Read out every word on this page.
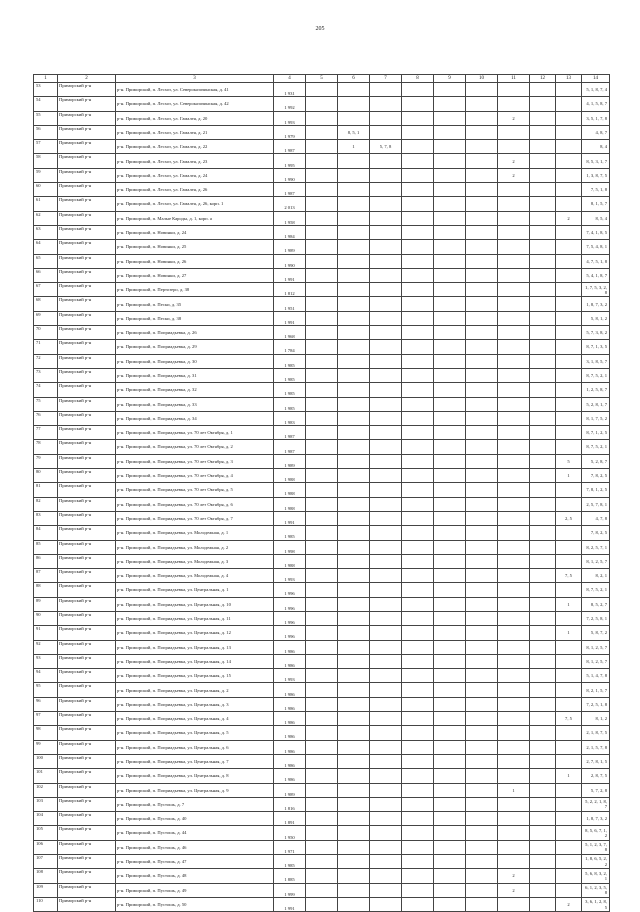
205
1	2	3	4	5	6	7	8	9	10	11	12	13	14
53	Приморский р-н	р-н. Приморский, п. Лесхоз, ул. Североказачинская, д. 41	1 931										5, 1, 8, 7, 4
54	Приморский р-н	р-н. Приморский, п. Лесхоз, ул. Североказачинская, д. 42	1 992										4, 1, 5, 8, 7
55	Приморский р-н	р-н. Приморский, п. Лесхоз, ул. Гамалея, д. 20	1 993							2			3, 5, 1, 7, 8
56	Приморский р-н	р-н. Приморский, п. Лесхоз, ул. Гамалея, д. 21	1 979		8, 5, 1								4, 8, 7
57	Приморский р-н	р-н. Приморский, п. Лесхоз, ул. Гамалея, д. 22	1 987		1	5, 7, 8							8, 4
58	Приморский р-н	р-н. Приморский, п. Лесхоз, ул. Гамалея, д. 23	1 995							2			8, 5, 3, 1, 7
59	Приморский р-н	р-н. Приморский, п. Лесхоз, ул. Гамалея, д. 24	1 990							2			1, 3, 8, 7, 5
60	Приморский р-н	р-н. Приморский, п. Лесхоз, ул. Гамалея, д. 26	1 987										7, 5, 1, 8
61	Приморский р-н	р-н. Приморский, п. Лесхоз, ул. Гамалея, д. 26, корп. 1	2 013										8, 1, 5, 7
62	Приморский р-н	р-н. Приморский, п. Малые Кароды, д. 1, корп. а	1 958									2	8, 5, 4
63	Приморский р-н	р-н. Приморский, п. Новинки, д. 24	1 984										7, 4, 1, 8, 5
64	Приморский р-н	р-н. Приморский, п. Новинки, д. 25	1 989										7, 5, 4, 8, 1
65	Приморский р-н	р-н. Приморский, п. Новинки, д. 26	1 990										4, 7, 5, 1, 8
66	Приморский р-н	р-н. Приморский, п. Новинки, д. 27	1 991										5, 4, 1, 8, 7
67	Приморский р-н	р-н. Приморский, п. Пертозеро, д. 38	1 812										1, 7, 5, 3, 2, 8
68	Приморский р-н	р-н. Приморский, п. Пески, д. 35	1 951										1, 8, 7, 3, 2
69	Приморский р-н	р-н. Приморский, п. Пески, д. 38	1 991										5, 8, 1, 2
70	Приморский р-н	р-н. Приморский, п. Поприадьевка, д. 26	1 968										5, 7, 3, 8, 2
71	Приморский р-н	р-н. Приморский, п. Поприадьевка, д. 29	1 784										8, 7, 1, 3, 5
72	Приморский р-н	р-н. Приморский, п. Поприадьевка, д. 30	1 985										3, 1, 8, 5, 7
73	Приморский р-н	р-н. Приморский, п. Поприадьевка, д. 31	1 985										8, 7, 5, 2, 1
74	Приморский р-н	р-н. Приморский, п. Поприадьевка, д. 32	1 985										1, 2, 5, 8, 7
75	Приморский р-н	р-н. Приморский, п. Поприадьевка, д. 33	1 985										5, 2, 8, 1, 7
76	Приморский р-н	р-н. Приморский, п. Поприадьевка, д. 34	1 983										8, 1, 7, 5, 2
77	Приморский р-н	р-н. Приморский, п. Поприадьевка, ул. 70 лет Октября, д. 1	1 987										8, 7, 1, 2, 5
78	Приморский р-н	р-н. Приморский, п. Поприадьевка, ул. 70 лет Октября, д. 2	1 987										8, 7, 5, 2, 1
79	Приморский р-н	р-н. Приморский, п. Поприадьевка, ул. 70 лет Октября, д. 3	1 989									5	5, 2, 8, 7
80	Приморский р-н	р-н. Приморский, п. Поприадьевка, ул. 70 лет Октября, д. 4	1 988									1	7, 8, 2, 5
81	Приморский р-н	р-н. Приморский, п. Поприадьевка, ул. 70 лет Октября, д. 5	1 988										7, 8, 1, 2, 5
82	Приморский р-н	р-н. Приморский, п. Поприадьевка, ул. 70 лет Октября, д. 6	1 988										2, 5, 7, 8, 1
83	Приморский р-н	р-н. Приморский, п. Поприадьевка, ул. 70 лет Октября, д. 7	1 991									2, 5	4, 7, 8
84	Приморский р-н	р-н. Приморский, п. Поприадьевка, ул. Молодежная, д. 1	1 985										7, 8, 2, 5
85	Приморский р-н	р-н. Приморский, п. Поприадьевка, ул. Молодежная, д. 2	1 998										8, 2, 5, 7, 1
86	Приморский р-н	р-н. Приморский, п. Поприадьевка, ул. Молодежная, д. 3	1 988										8, 1, 2, 5, 7
87	Приморский р-н	р-н. Приморский, п. Поприадьевка, ул. Молодежная, д. 4	1 993									7, 5	8, 2, 1
88	Приморский р-н	р-н. Приморский, п. Поприадьевка, ул. Центральная, д. 1	1 996										8, 7, 5, 2, 1
89	Приморский р-н	р-н. Приморский, п. Поприадьевка, ул. Центральная, д. 10	1 996									1	8, 5, 2, 7
90	Приморский р-н	р-н. Приморский, п. Поприадьевка, ул. Центральная, д. 11	1 996										7, 2, 5, 8, 1
91	Приморский р-н	р-н. Приморский, п. Поприадьевка, ул. Центральная, д. 12	1 996									1	5, 8, 7, 2
92	Приморский р-н	р-н. Приморский, п. Поприадьевка, ул. Центральная, д. 13	1 986										8, 1, 2, 5, 7
93	Приморский р-н	р-н. Приморский, п. Поприадьевка, ул. Центральная, д. 14	1 986										8, 1, 2, 5, 7
94	Приморский р-н	р-н. Приморский, п. Поприадьевка, ул. Центральная, д. 15	1 993										5, 1, 4, 7, 8
95	Приморский р-н	р-н. Приморский, п. Поприадьевка, ул. Центральная, д. 2	1 986										8, 2, 1, 5, 7
96	Приморский р-н	р-н. Приморский, п. Поприадьевка, ул. Центральная, д. 3	1 986										7, 2, 5, 1, 8
97	Приморский р-н	р-н. Приморский, п. Поприадьевка, ул. Центральная, д. 4	1 986									7, 5	8, 1, 2
98	Приморский р-н	р-н. Приморский, п. Поприадьевка, ул. Центральная, д. 5	1 986										2, 1, 8, 7, 5
99	Приморский р-н	р-н. Приморский, п. Поприадьевка, ул. Центральная, д. 6	1 986										2, 1, 5, 7, 8
100	Приморский р-н	р-н. Приморский, п. Поприадьевка, ул. Центральная, д. 7	1 986										2, 7, 8, 1, 5
101	Приморский р-н	р-н. Приморский, п. Поприадьевка, ул. Центральная, д. 8	1 986									1	2, 8, 7, 5
102	Приморский р-н	р-н. Приморский, п. Поприадьевка, ул. Центральная, д. 9	1 989							1			5, 7, 2, 8
103	Приморский р-н	р-н. Приморский, п. Пустошь, д. 7	1 816										5, 2, 2, 1, 8, 7
104	Приморский р-н	р-н. Приморский, п. Пустошь, д. 40	1 891										1, 8, 7, 3, 2
105	Приморский р-н	р-н. Приморский, п. Пустошь, д. 44	1 950										8, 5, 6, 7, 1, 2
106	Приморский р-н	р-н. Приморский, п. Пустошь, д. 46	1 971										5, 1, 2, 3, 7, 8
107	Приморский р-н	р-н. Приморский, п. Пустошь, д. 47	1 985										1, 8, 6, 5, 2, 2
108	Приморский р-н	р-н. Приморский, п. Пустошь, д. 48	1 885							2			5, 6, 8, 3, 2, 1
109	Приморский р-н	р-н. Приморский, п. Пустошь, д. 49	1 999							2			6, 1, 2, 3, 5, 8
110	Приморский р-н	р-н. Приморский, п. Пустошь, д. 50	1 991									2	3, 6, 1, 2, 8, 5
